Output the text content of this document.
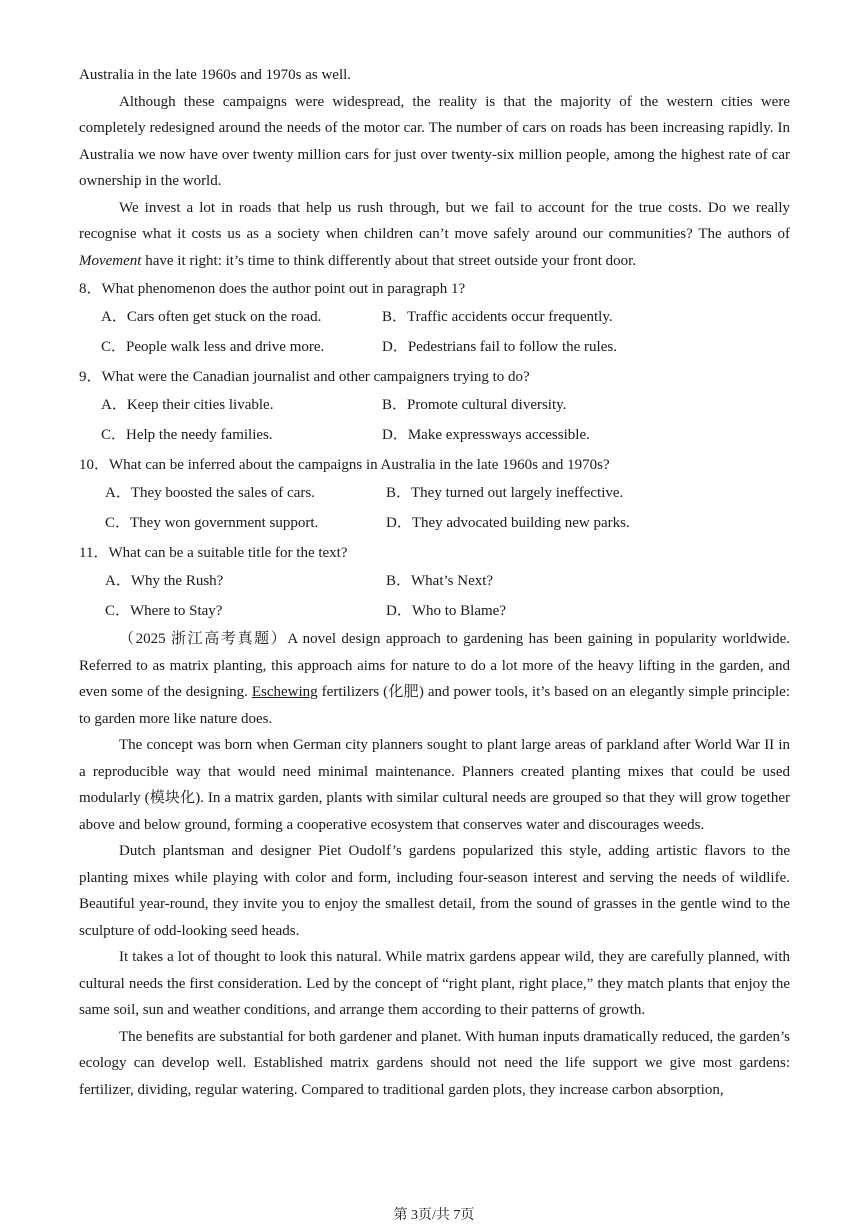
Australia in the late 1960s and 1970s as well.

Although these campaigns were widespread, the reality is that the majority of the western cities were completely redesigned around the needs of the motor car. The number of cars on roads has been increasing rapidly. In Australia we now have over twenty million cars for just over twenty-six million people, among the highest rate of car ownership in the world.

We invest a lot in roads that help us rush through, but we fail to account for the true costs. Do we really recognise what it costs us as a society when children can’t move safely around our communities? The authors of Movement have it right: it’s time to think differently about that street outside your front door.

8．What phenomenon does the author point out in paragraph 1?

A．Cars often get stuck on the road.	B．Traffic accidents occur frequently.
C．People walk less and drive more.	D．Pedestrians fail to follow the rules.

9．What were the Canadian journalist and other campaigners trying to do?

A．Keep their cities livable.	B．Promote cultural diversity.
C．Help the needy families.	D．Make expressways accessible.

10．What can be inferred about the campaigns in Australia in the late 1960s and 1970s?

A．They boosted the sales of cars.	B．They turned out largely ineffective.
C．They won government support.	D．They advocated building new parks.

11．What can be a suitable title for the text?

A．Why the Rush?	B．What’s Next?
C．Where to Stay?	D．Who to Blame?

（2025 浙江高考真题）A novel design approach to gardening has been gaining in popularity worldwide. Referred to as matrix planting, this approach aims for nature to do a lot more of the heavy lifting in the garden, and even some of the designing. Eschewing fertilizers (化肥) and power tools, it’s based on an elegantly simple principle: to garden more like nature does.

The concept was born when German city planners sought to plant large areas of parkland after World War II in a reproducible way that would need minimal maintenance. Planners created planting mixes that could be used modularly (模块化). In a matrix garden, plants with similar cultural needs are grouped so that they will grow together above and below ground, forming a cooperative ecosystem that conserves water and discourages weeds.

Dutch plantsman and designer Piet Oudolf’s gardens popularized this style, adding artistic flavors to the planting mixes while playing with color and form, including four-season interest and serving the needs of wildlife. Beautiful year-round, they invite you to enjoy the smallest detail, from the sound of grasses in the gentle wind to the sculpture of odd-looking seed heads.

It takes a lot of thought to look this natural. While matrix gardens appear wild, they are carefully planned, with cultural needs the first consideration. Led by the concept of “right plant, right place,” they match plants that enjoy the same soil, sun and weather conditions, and arrange them according to their patterns of growth.

The benefits are substantial for both gardener and planet. With human inputs dramatically reduced, the garden’s ecology can develop well. Established matrix gardens should not need the life support we give most gardens: fertilizer, dividing, regular watering. Compared to traditional garden plots, they increase carbon absorption,

第 3页/共 7页
